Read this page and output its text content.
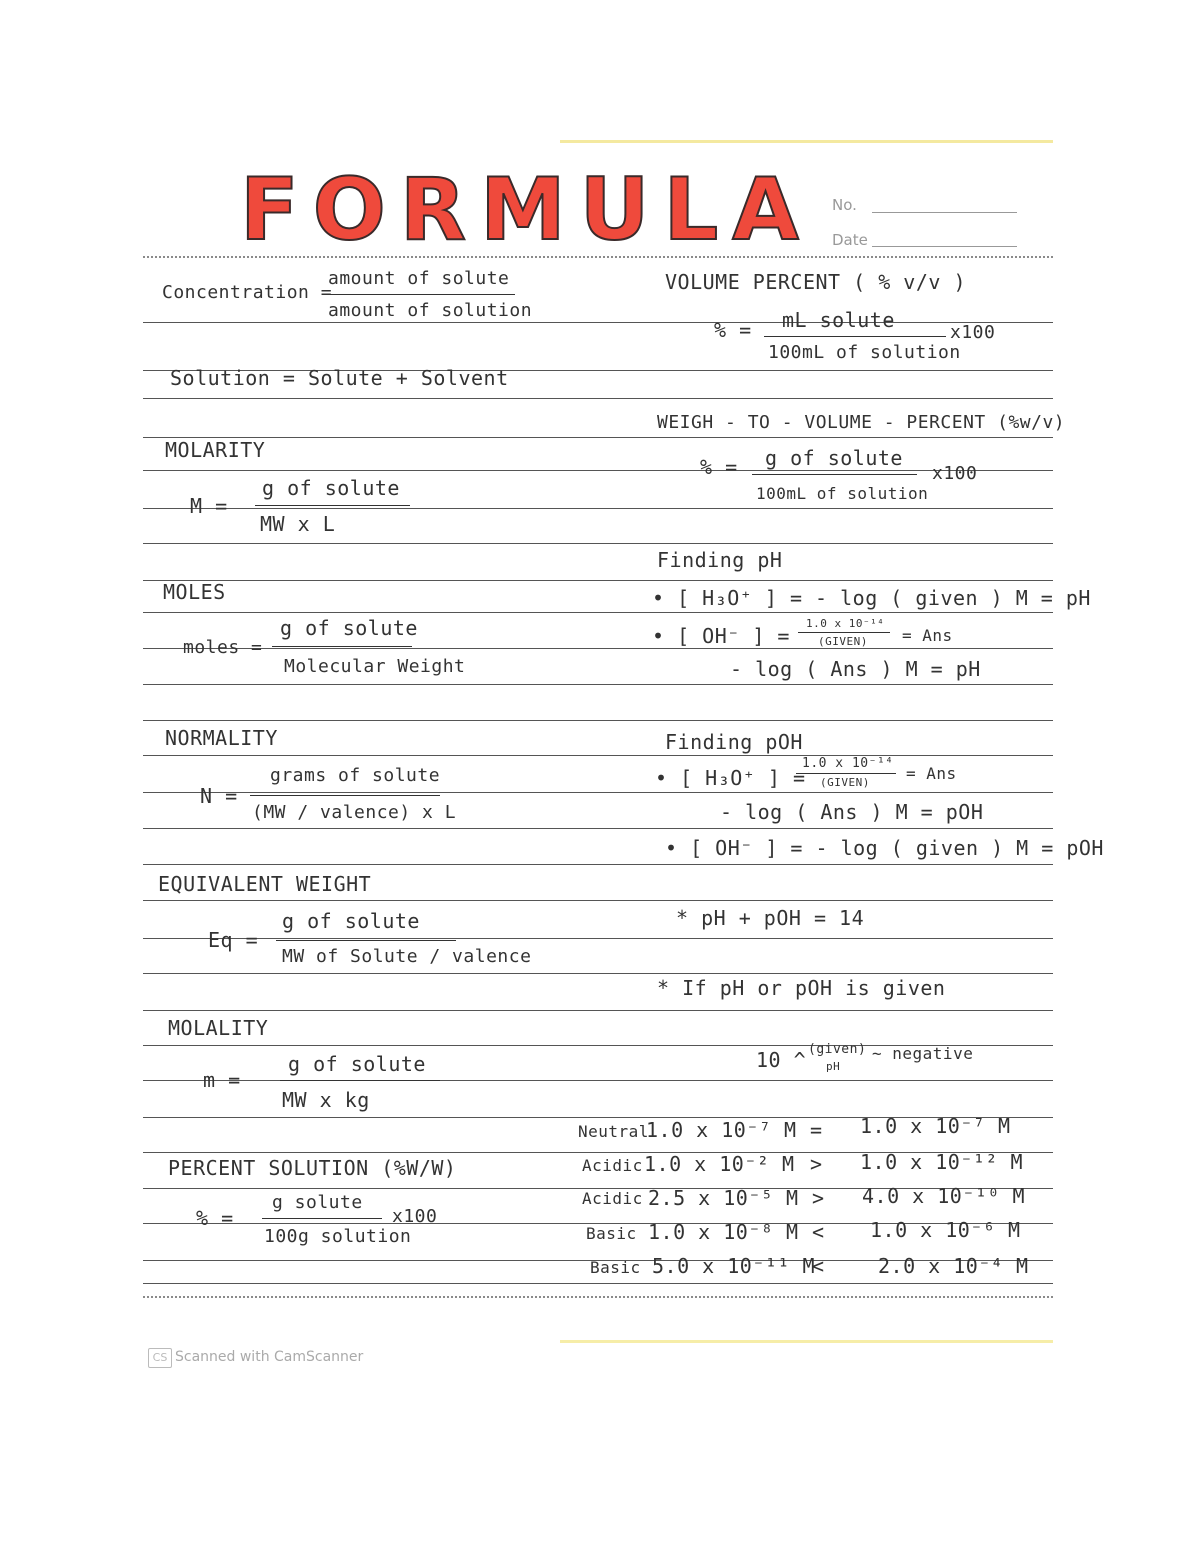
FORMULA No.
Date
Concentration =
amount of solute
amount of solution
Solution = Solute + Solvent
MOLARITY
M =
g of solute
MW x L
MOLES
moles =
g of solute
Molecular Weight
NORMALITY
N =
grams of solute
(MW / valence) x L
EQUIVALENT WEIGHT
Eq =
g of solute
MW of Solute / valence
MOLALITY
m =
g of solute
MW x kg
PERCENT SOLUTION (%W/W)
% =
g solute
100g solution
x100
VOLUME PERCENT ( % v/v )
% = mL solute
100mL of solution
x100
WEIGH - TO - VOLUME - PERCENT (%w/v)
% = g of solute
100mL of solution
x100
Finding pH
• [ H₃O⁺ ] = - log ( given ) M = pH
• [ OH⁻ ] =
1.0 x 10⁻¹⁴
(GIVEN) = Ans
- log ( Ans ) M = pH
Finding pOH
• [ H₃O⁺ ] =
1.0 x 10⁻¹⁴
(GIVEN) = Ans
- log ( Ans ) M = pOH
• [ OH⁻ ] = - log ( given ) M = pOH
* pH + pOH = 14
* If pH or pOH is given
10 ^ (given)
pH
~ negative
Neutral
1.0 x 10⁻⁷ M = 1.0 x 10⁻⁷ M
Acidic 1.0 x 10⁻² M > 1.0 x 10⁻¹² M
Acidic 2.5 x 10⁻⁵ M > 4.0 x 10⁻¹⁰ M
Basic 1.0 x 10⁻⁸ M < 1.0 x 10⁻⁶ M
Basic 5.0 x 10⁻¹¹ M
<	2.0 x 10⁻⁴ M
CS Scanned with CamScanner
